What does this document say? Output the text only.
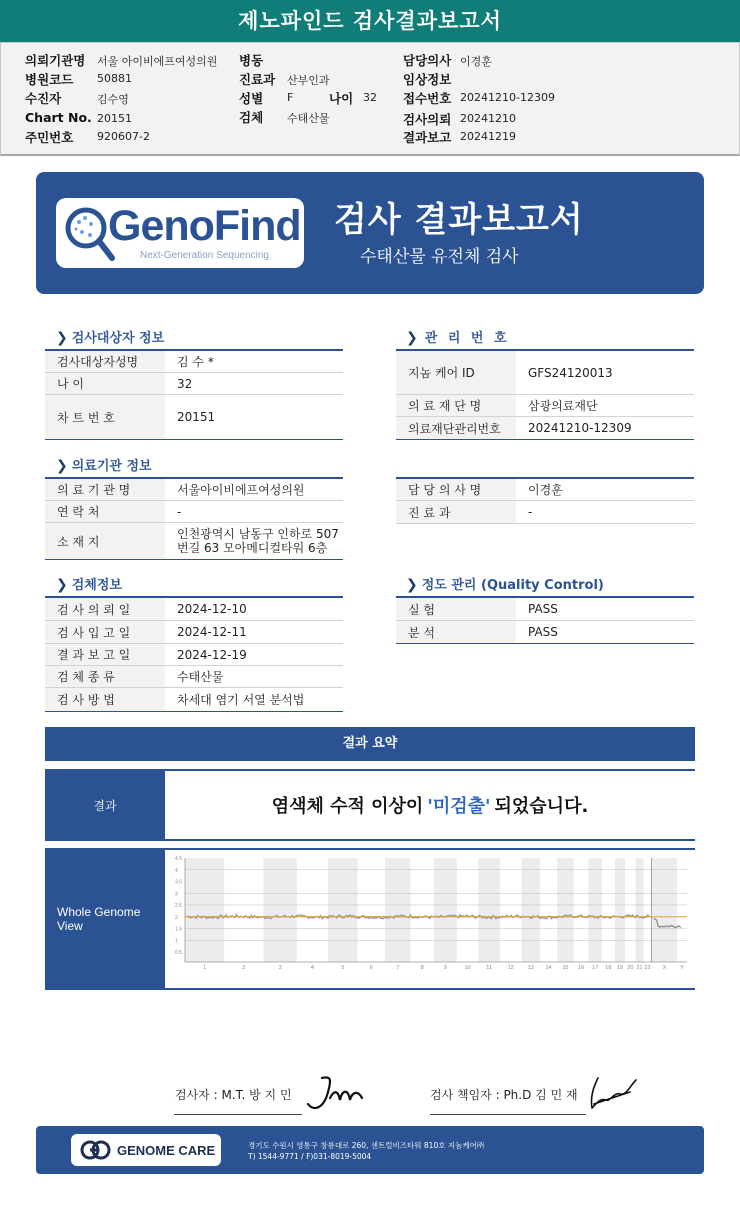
제노파인드 검사결과보고서
의뢰기관명 서울 아이비에프여성의원
병원코드 50881
수진자	김수영
Chart No. 20151
주민번호 920607-2
병동
진료과 산부인과
성별 F	나이 32
검체 수태산물
담당의사 이경훈
임상정보
접수번호 20241210-12309
검사의뢰 20241210
결과보고 20241219
GenoFind
Next-Generation Sequencing
검사 결과보고서
수태산물 유전체 검사
❯ 검사대상자 정보
검사대상자성명	김 수 *
나 이	32
차 트 번 호	20151
❯ 관 리 번 호
지놈 케어 ID	GFS24120013
의 료 재 단 명	삼광의료재단
의료재단관리번호	20241210-12309
❯ 의료기관 정보
의 료 기 관 명	서울아이비에프여성의원
연 락 처	-
소 재 지
인천광역시 남동구 인하로 507번길 63 모아메디컬타워 6층
담 당 의 사 명	이경훈
진 료 과	-
❯ 검체정보
검 사 의 뢰 일	2024-12-10
검 사 입 고 일	2024-12-11
결 과 보 고 일	2024-12-19
검 체 종 류	수태산물
검 사 방 법	차세대 염기 서열 분석법
❯ 정도 관리 (Quality Control)
실 험	PASS
분 석	PASS
결과 요약
결과	염색체 수적 이상이 '미검출' 되었습니다.
Whole Genome View
4.5
4
3.5
3
2.5
2
1.5
1
0.5
1	2	3	4	5	6	7	8	9	10	11	12	13 14 15 16 17 18 19 20 21 22 X	Y
검사자 : M.T. 방 지 민	검사 책임자 : Ph.D 김 민 재
GENOME CARE	경기도 수원시 영통구 창룡대로 260, 센트럴비즈타워 810호 지놈케어㈜
T) 1544-9771 / F)031-8019-5004
